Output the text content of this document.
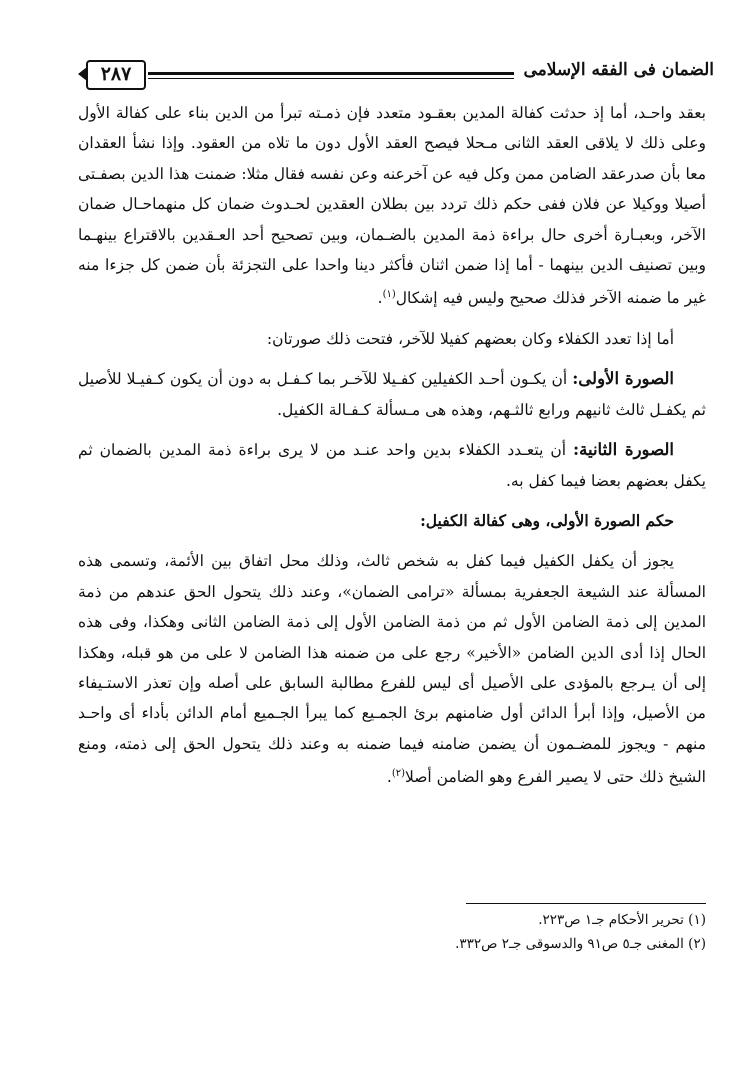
الضمان فى الفقه الإسلامى
٢٨٧

بعقد واحـد، أما إذ حدثت كفالة المدين بعقـود متعدد فإن ذمـته تبرأ من الدين بناء على كفالة الأول وعلى ذلك لا يلاقى العقد الثانى مـحلا فيصح العقد الأول دون ما تلاه من العقود. وإذا نشأ العقدان معا بأن صدرعقد الضامن ممن وكل فيه عن آخرعنه وعن نفسه فقال مثلا: ضمنت هذا الدين بصفـتى أصيلا ووكيلا عن فلان ففى حكم ذلك تردد بين بطلان العقدين لحـدوث ضمان كل منهماحـال ضمان الآخر، وبعبـارة أخرى حال براءة ذمة المدين بالضـمان، وبين تصحيح أحد العـقدين بالاقتراع بينهـما وبين تصنيف الدين بينهما - أما إذا ضمن اثنان فأكثر دينا واحدا على التجزئة بأن ضمن كل جزءا منه غير ما ضمنه الآخر فذلك صحيح وليس فيه إشكال$^{(١)}$.

أما إذا تعدد الكفلاء وكان بعضهم كفيلا للآخر، فتحت ذلك صورتان:

الصورة الأولى: أن يكـون أحـد الكفيلين كفـيلا للآخـر بما كـفـل به دون أن يكون كـفيـلا للأصيل ثم يكفـل ثالث ثانيهم ورابع ثالثـهم، وهذه هى مـسألة كـفـالة الكفيل.

الصورة الثانية: أن يتعـدد الكفلاء بدين واحد عنـد من لا يرى براءة ذمة المدين بالضمان ثم يكفل بعضهم بعضا فيما كفل به.

حكم الصورة الأولى، وهى كفالة الكفيل:

يجوز أن يكفل الكفيل فيما كفل به شخص ثالث، وذلك محل اتفاق بين الأئمة، وتسمى هذه المسألة عند الشيعة الجعفرية بمسألة «ترامى الضمان»، وعند ذلك يتحول الحق عندهم من ذمة المدين إلى ذمة الضامن الأول ثم من ذمة الضامن الأول إلى ذمة الضامن الثانى وهكذا، وفى هذه الحال إذا أدى الدين الضامن «الأخير» رجع على من ضمنه هذا الضامن لا على من هو قبله، وهكذا إلى أن يـرجع بالمؤدى على الأصيل أى ليس للفرع مطالبة السابق على أصله وإن تعذر الاستـيفاء من الأصيل، وإذا أبرأ الدائن أول ضامنهم برئ الجمـيع كما يبرأ الجـميع أمام الدائن بأداء أى واحـد منهم - ويجوز للمضـمون أن يضمن ضامنه فيما ضمنه به وعند ذلك يتحول الحق إلى ذمته، ومنع الشيخ ذلك حتى لا يصير الفرع وهو الضامن أصلا$^{(٢)}$.

(١) تحرير الأحكام جـ١ ص٢٢٣.
(٢) المغنى جـ٥ ص٩١ والدسوقى جـ٢ ص٣٣٢.
